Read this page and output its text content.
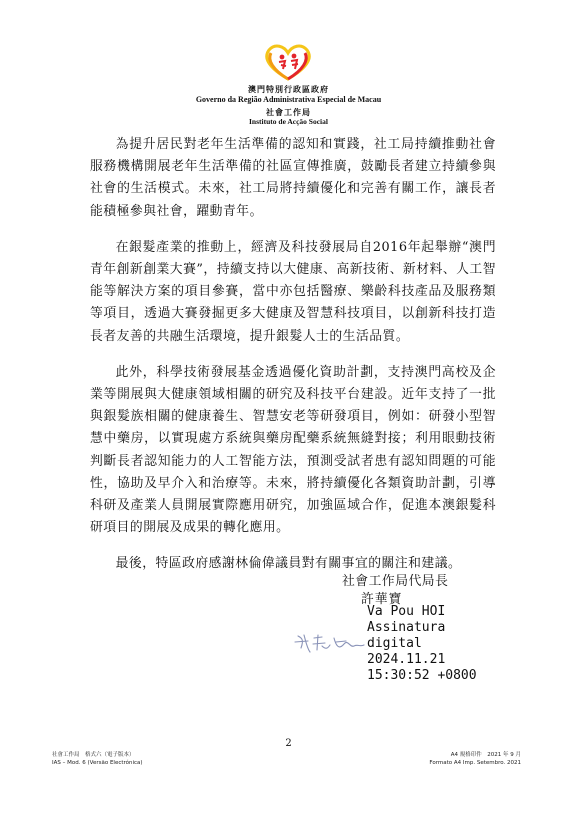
澳門特別行政區政府
Governo da Região Administrativa Especial de Macau
社會工作局
Instituto de Acção Social

為提升居民對老年生活準備的認知和實踐，社工局持續推動社會服務機構開展老年生活準備的社區宣傳推廣，鼓勵長者建立持續參與社會的生活模式。未來，社工局將持續優化和完善有關工作，讓長者能積極參與社會，躍動青年。

在銀髮產業的推動上，經濟及科技發展局自2016年起舉辦“澳門青年創新創業大賽”，持續支持以大健康、高新技術、新材料、人工智能等解決方案的項目參賽，當中亦包括醫療、樂齡科技產品及服務類等項目，透過大賽發掘更多大健康及智慧科技項目，以創新科技打造長者友善的共融生活環境，提升銀髮人士的生活品質。

此外，科學技術發展基金透過優化資助計劃，支持澳門高校及企業等開展與大健康領域相關的研究及科技平台建設。近年支持了一批與銀髮族相關的健康養生、智慧安老等研發項目，例如：研發小型智慧中藥房，以實現處方系統與藥房配藥系統無縫對接；利用眼動技術判斷長者認知能力的人工智能方法，預測受試者患有認知問題的可能性，協助及早介入和治療等。未來，將持續優化各類資助計劃，引導科研及產業人員開展實際應用研究，加強區域合作，促進本澳銀髮科研項目的開展及成果的轉化應用。

最後，特區政府感謝林倫偉議員對有關事宜的關注和建議。

社會工作局代局長
許華寶
Va Pou HOI
Assinatura
digital
2024.11.21
15:30:52 +0800
2
社會工作局　格式六（電子版本）
IAS – Mod. 6 (Versão Electrónica)
A4 規格印件　2021 年 9 月
Formato A4 Imp. Setembro. 2021
